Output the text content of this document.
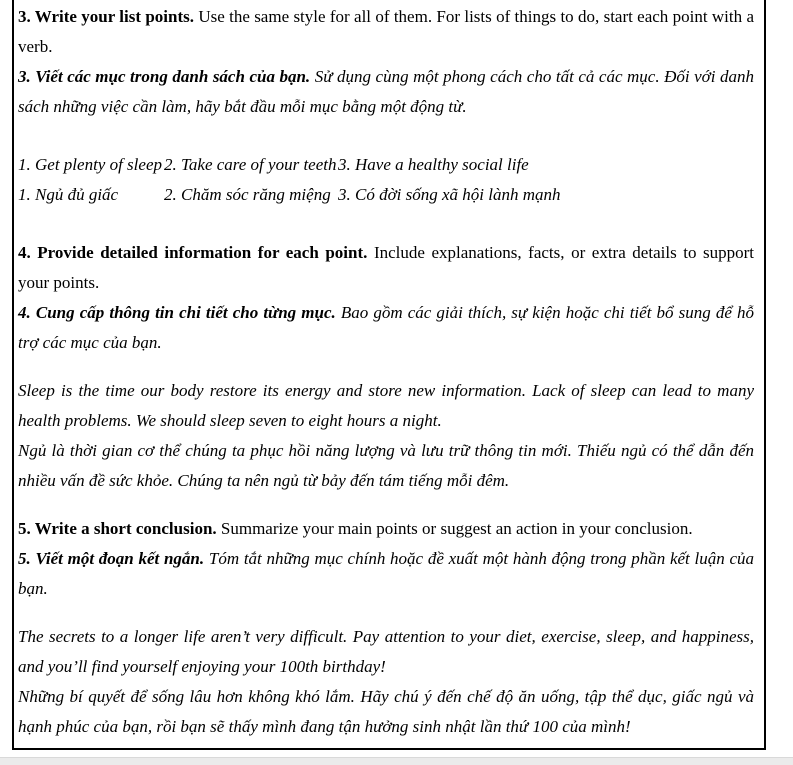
3. Write your list points. Use the same style for all of them. For lists of things to do, start each point with a verb.

3. Viết các mục trong danh sách của bạn. Sử dụng cùng một phong cách cho tất cả các mục. Đối với danh sách những việc cần làm, hãy bắt đầu mỗi mục bằng một động từ.

1. Get plenty of sleep 2. Take care of your teeth 3. Have a healthy social life
1. Ngủ đủ giấc	2. Chăm sóc răng miệng 3. Có đời sống xã hội lành mạnh

4. Provide detailed information for each point. Include explanations, facts, or extra details to support your points.

4. Cung cấp thông tin chi tiết cho từng mục. Bao gồm các giải thích, sự kiện hoặc chi tiết bổ sung để hỗ trợ các mục của bạn.

Sleep is the time our body restore its energy and store new information. Lack of sleep can lead to many health problems. We should sleep seven to eight hours a night.
Ngủ là thời gian cơ thể chúng ta phục hồi năng lượng và lưu trữ thông tin mới. Thiếu ngủ có thể dẫn đến nhiều vấn đề sức khỏe. Chúng ta nên ngủ từ bảy đến tám tiếng mỗi đêm.

5. Write a short conclusion. Summarize your main points or suggest an action in your conclusion.

5. Viết một đoạn kết ngắn. Tóm tắt những mục chính hoặc đề xuất một hành động trong phần kết luận của bạn.

The secrets to a longer life aren’t very difficult. Pay attention to your diet, exercise, sleep, and happiness, and you’ll find yourself enjoying your 100th birthday!
Những bí quyết để sống lâu hơn không khó lắm. Hãy chú ý đến chế độ ăn uống, tập thể dục, giấc ngủ và hạnh phúc của bạn, rồi bạn sẽ thấy mình đang tận hưởng sinh nhật lần thứ 100 của mình!
